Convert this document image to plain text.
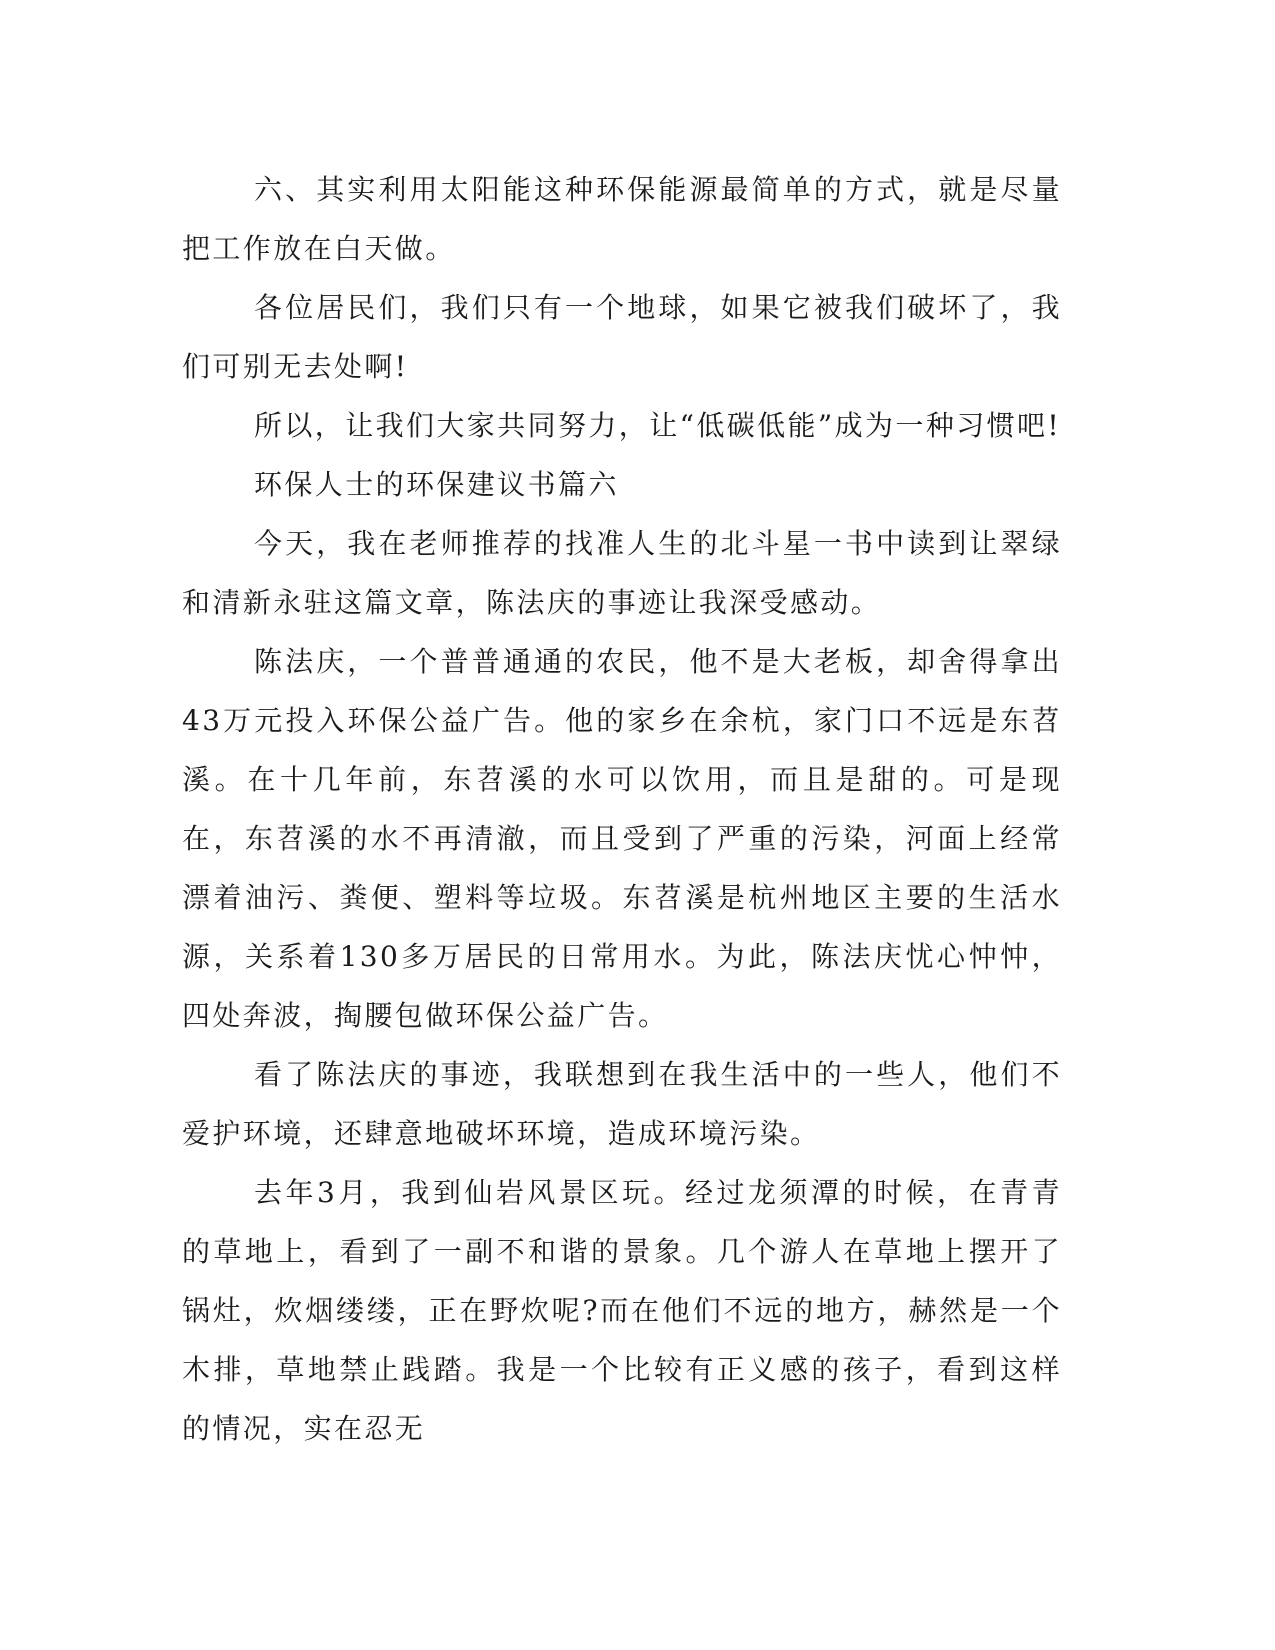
六、其实利用太阳能这种环保能源最简单的方式，就是尽量把工作放在白天做。

各位居民们，我们只有一个地球，如果它被我们破坏了，我们可别无去处啊!

所以，让我们大家共同努力，让“低碳低能”成为一种习惯吧!

环保人士的环保建议书篇六

今天，我在老师推荐的找准人生的北斗星一书中读到让翠绿和清新永驻这篇文章，陈法庆的事迹让我深受感动。

陈法庆，一个普普通通的农民，他不是大老板，却舍得拿出43万元投入环保公益广告。他的家乡在余杭，家门口不远是东苕溪。在十几年前，东苕溪的水可以饮用，而且是甜的。可是现在，东苕溪的水不再清澈，而且受到了严重的污染，河面上经常漂着油污、粪便、塑料等垃圾。东苕溪是杭州地区主要的生活水源，关系着130多万居民的日常用水。为此，陈法庆忧心忡忡，四处奔波，掏腰包做环保公益广告。

看了陈法庆的事迹，我联想到在我生活中的一些人，他们不爱护环境，还肆意地破坏环境，造成环境污染。

去年3月，我到仙岩风景区玩。经过龙须潭的时候，在青青的草地上，看到了一副不和谐的景象。几个游人在草地上摆开了锅灶，炊烟缕缕，正在野炊呢?而在他们不远的地方，赫然是一个木排，草地禁止践踏。我是一个比较有正义感的孩子，看到这样的情况，实在忍无
